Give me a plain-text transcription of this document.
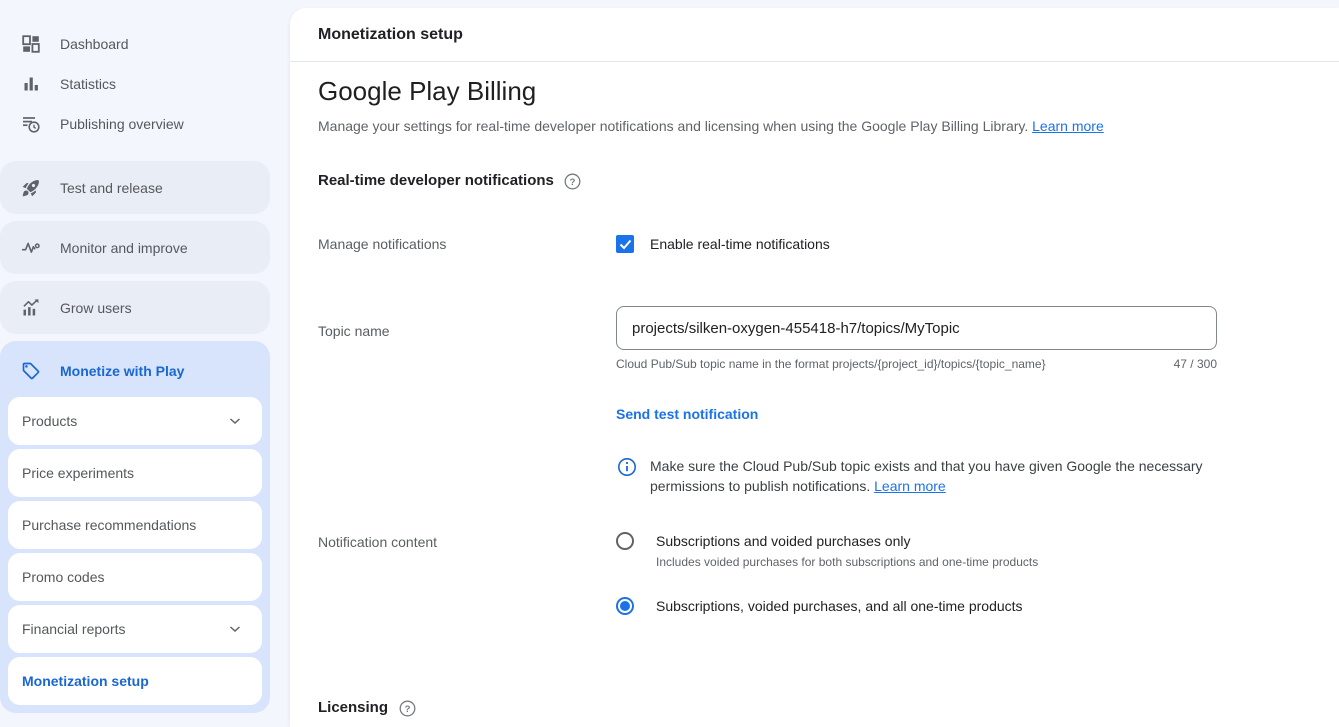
Dashboard
Statistics
Publishing overview
Test and release
Monitor and improve
Grow users
Monetize with Play
Products
Price experiments
Purchase recommendations
Promo codes
Financial reports
Monetization setup
Monetization setup
Google Play Billing

Manage your settings for real-time developer notifications and licensing when using the Google Play Billing Library. Learn more

Real-time developer notifications ?
Manage notifications	Enable real-time notifications
Topic name
projects/silken-oxygen-455418-h7/topics/MyTopic
Cloud Pub/Sub topic name in the format projects/{project_id}/topics/{topic_name}	47 / 300
Send test notification
Make sure the Cloud Pub/Sub topic exists and that you have given Google the necessary permissions to publish notifications. Learn more
Notification content	Subscriptions and voided purchases only
Includes voided purchases for both subscriptions and one-time products
Subscriptions, voided purchases, and all one-time products
Licensing ?
